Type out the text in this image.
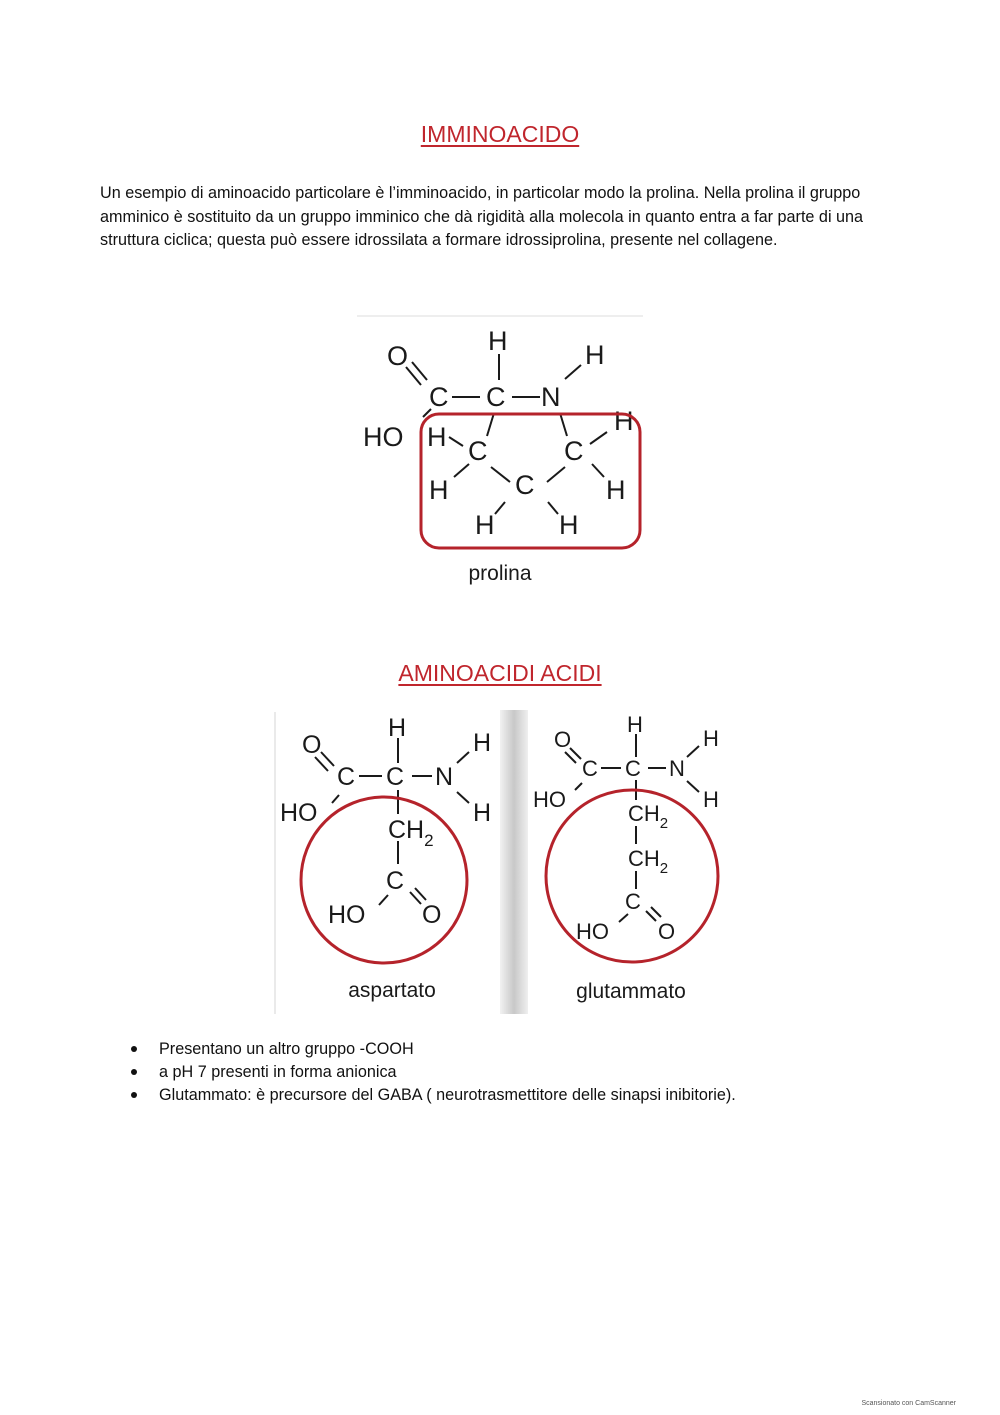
IMMINOACIDO
Un esempio di aminoacido particolare è l’imminoacido, in particolar modo la prolina. Nella prolina il gruppo amminico è sostituito da un gruppo imminico che dà rigidità alla molecola in quanto entra a far parte di una struttura ciclica; questa può essere idrossilata a formare idrossiprolina, presente nel collagene.
O	H	H
C C N
HO H C	C
H
H C	H
H H
prolina
AMINOACIDI ACIDI
O
H
H
C C N
HO	H
$CH_2$
C
HO O
aspartato
O
H
H
C C N
HO	H
$CH_2$
$CH_2$
C
HO O
glutammato
Presentano un altro gruppo -COOH
a pH 7 presenti in forma anionica
Glutammato: è precursore del GABA ( neurotrasmettitore delle sinapsi inibitorie).
Scansionato con CamScanner
